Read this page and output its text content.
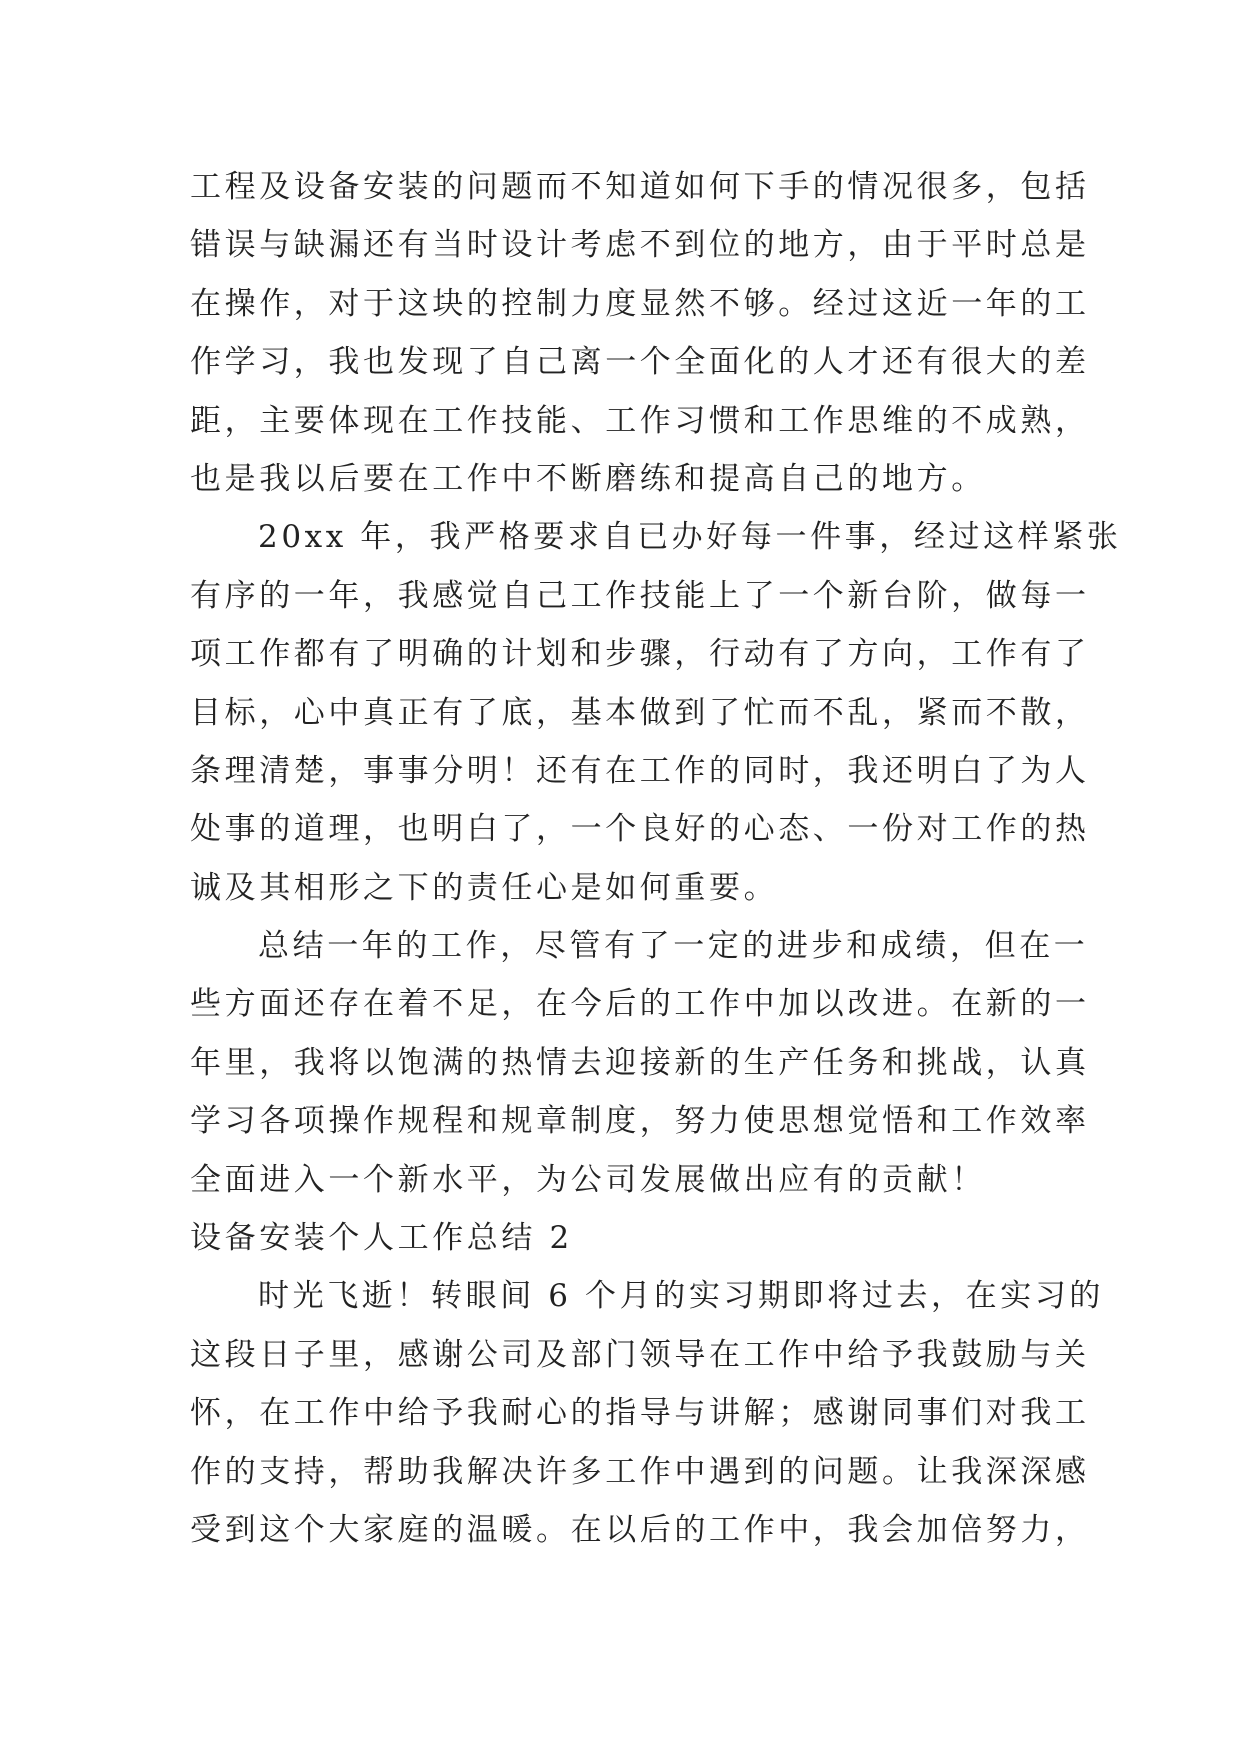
工程及设备安装的问题而不知道如何下手的情况很多，包括
错误与缺漏还有当时设计考虑不到位的地方，由于平时总是
在操作，对于这块的控制力度显然不够。经过这近一年的工
作学习，我也发现了自己离一个全面化的人才还有很大的差
距，主要体现在工作技能、工作习惯和工作思维的不成熟，
也是我以后要在工作中不断磨练和提高自己的地方。
20xx 年，我严格要求自已办好每一件事，经过这样紧张
有序的一年，我感觉自己工作技能上了一个新台阶，做每一
项工作都有了明确的计划和步骤，行动有了方向，工作有了
目标，心中真正有了底，基本做到了忙而不乱，紧而不散，
条理清楚，事事分明！还有在工作的同时，我还明白了为人
处事的道理，也明白了，一个良好的心态、一份对工作的热
诚及其相形之下的责任心是如何重要。
总结一年的工作，尽管有了一定的进步和成绩，但在一
些方面还存在着不足，在今后的工作中加以改进。在新的一
年里，我将以饱满的热情去迎接新的生产任务和挑战，认真
学习各项操作规程和规章制度，努力使思想觉悟和工作效率
全面进入一个新水平，为公司发展做出应有的贡献！
设备安装个人工作总结 2
时光飞逝！转眼间 6 个月的实习期即将过去，在实习的
这段日子里，感谢公司及部门领导在工作中给予我鼓励与关
怀，在工作中给予我耐心的指导与讲解；感谢同事们对我工
作的支持，帮助我解决许多工作中遇到的问题。让我深深感
受到这个大家庭的温暖。在以后的工作中，我会加倍努力，
